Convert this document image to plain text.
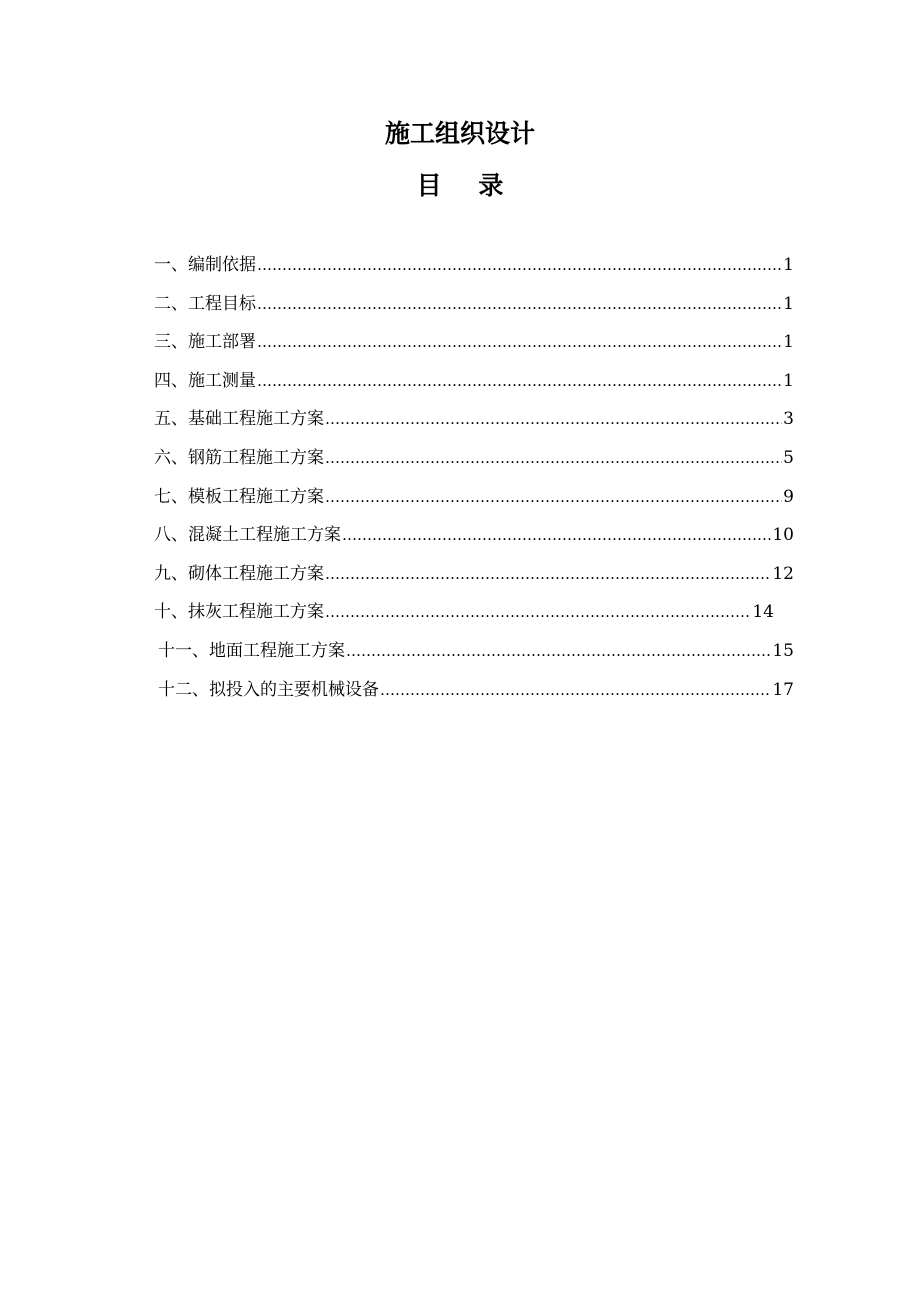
施工组织设计
目 录
一、编制依据 ………………………………………………………………………………………………………………………………………………………………………………………………	1
二、工程目标 ………………………………………………………………………………………………………………………………………………………………………………………………	1
三、施工部署 ………………………………………………………………………………………………………………………………………………………………………………………………	1
四、施工测量 ………………………………………………………………………………………………………………………………………………………………………………………………	1
五、基础工程施工方案 ………………………………………………………………………………………………………………………………………………………………………………………………	3
六、钢筋工程施工方案 ………………………………………………………………………………………………………………………………………………………………………………………………	5
七、模板工程施工方案 ………………………………………………………………………………………………………………………………………………………………………………………………	9
八、混凝土工程施工方案 ………………………………………………………………………………………………………………………………………………………………………………………………	10
九、砌体工程施工方案 ………………………………………………………………………………………………………………………………………………………………………………………………	12
十、抹灰工程施工方案 ………………………………………………………………………………………………………………………………………………………………………………………………	14
十一、地面工程施工方案 ………………………………………………………………………………………………………………………………………………………………………………………………	15
十二、拟投入的主要机械设备 ………………………………………………………………………………………………………………………………………………………………………………………………	17
